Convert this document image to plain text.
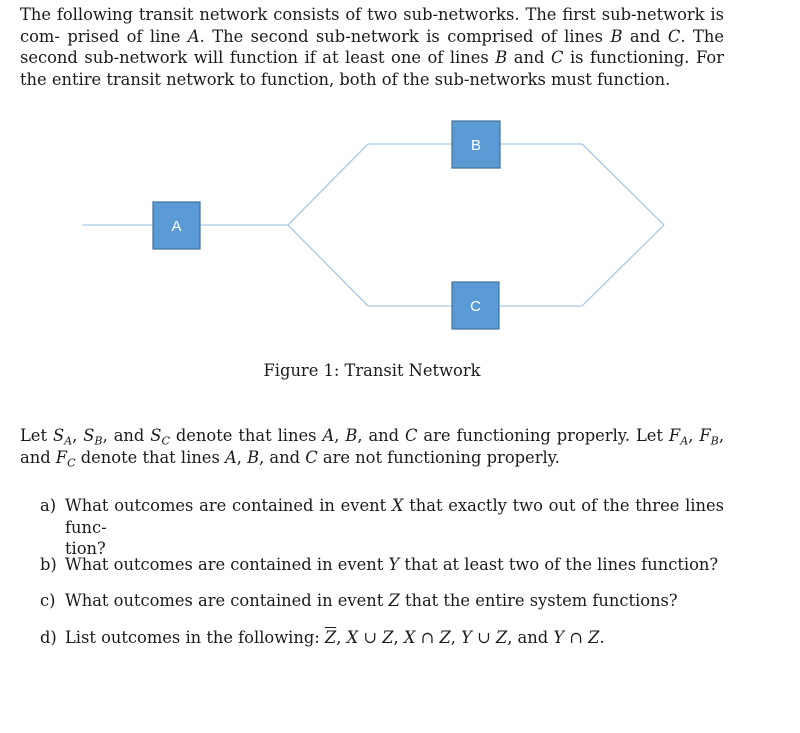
The following transit network consists of two sub-networks. The first sub-network is com- prised of line A. The second sub-network is comprised of lines B and C. The second sub-network will function if at least one of lines B and C is functioning. For the entire transit network to function, both of the sub-networks must function.
A
B
C
Figure 1: Transit Network
Let $S_A$, $S_B$, and $S_C$ denote that lines A, B, and C are functioning properly. Let $F_A$, $F_B$, and $F_C$ denote that lines A, B, and C are not functioning properly.
a) What outcomes are contained in event X that exactly two out of the three lines func-
tion?
b) What outcomes are contained in event Y that at least two of the lines function?
c) What outcomes are contained in event Z that the entire system functions?
d) List outcomes in the following: $\overline{Z}$, X ∪ Z, X ∩ Z, Y ∪ Z, and Y ∩ Z.
